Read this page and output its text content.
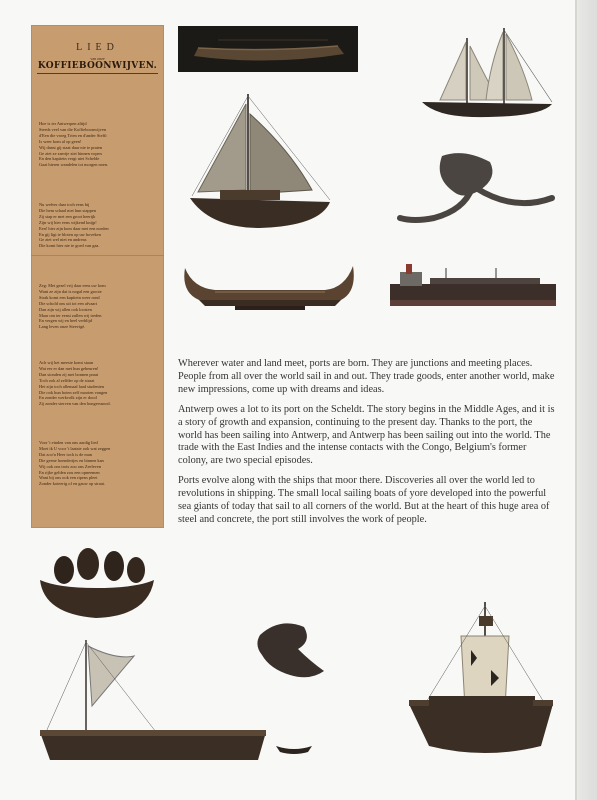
LIED
van onze
KOFFIEBOONWIJVEN.
Hoe is ter Antwerpen altijd
Steeds veel van die Koffieboonwijven
d'Een die vroeg Trien en d'ander Steffi
Is weer kom al op geen!
Wij danst gij staat daar nie te praten
Ge ziet ze zaertje ziet binnen vopen
En den kapitein vergt niet Schelde
Gaat hieren wandelen tot morgen noen.
Nu weêrer daar toch eens bij
Die hem schaal niet hun stappen
Zij stap er met een groot heertjk
Zijn wij hier eens wijkend knijp!
Een! hier zijn kom daar met een norden
En gij ligt te bloten op uw hoveken
Ge ziet wel niet en andreas
Die komt hier nie te goed van gaa.
Zeg: Met gezel vrij daar eens uw kom
Want ze zijn dat is nogal een groote
Strak komt een kapitein weer rond
Die schold ons uit tot een afvaart
Dan zijn wij allen ook loosten
Maar om ter eenst zullen wij treden
En vergen wij en heel verblijd
Lang leven onze Steevigé.
Ach wij het meeste komt staan
Wat eer er dan met hun gebeuren!
Dan stonden zij met bonnen praat
Toch ook al zelfder op de straat
Het zijn toch allemaal laad studenten
Die ook hun hoten zelf mooten vangen
En zonder werkvolk zijn er dood
Zij zonder sterven van den hongersnood.
Voor 't einden van ons aardig lied
Moet ik U voor 't laatste ook wat zeggen
Dat zoo'n Heer toch is de man
Die geene hoendertjes en binnen kan
Wij ook ons trots zou ons Zeeleven
En rijke gelden zou een opneemen
Want bij ons ook een ripens pleet
Zonder koteerig of en gauw op straat.

Wherever water and land meet, ports are born. They are junctions and meeting places. People from all over the world sail in and out. They trade goods, enter another world, make new impressions, come up with dreams and ideas.

Antwerp owes a lot to its port on the Scheldt. The story begins in the Middle Ages, and it is a story of growth and expansion, continuing to the present day. Thanks to the port, the world has been sailing into Antwerp, and Antwerp has been sailing out into the world. The trade with the East Indies and the intense contacts with the Congo, Belgium's former colony, are two special episodes.

Ports evolve along with the ships that moor there. Discoveries all over the world led to revolutions in shipping. The small local sailing boats of yore developed into the powerful sea giants of today that sail to all corners of the world. But at the heart of this huge area of steel and concrete, the port still involves the work of people.
